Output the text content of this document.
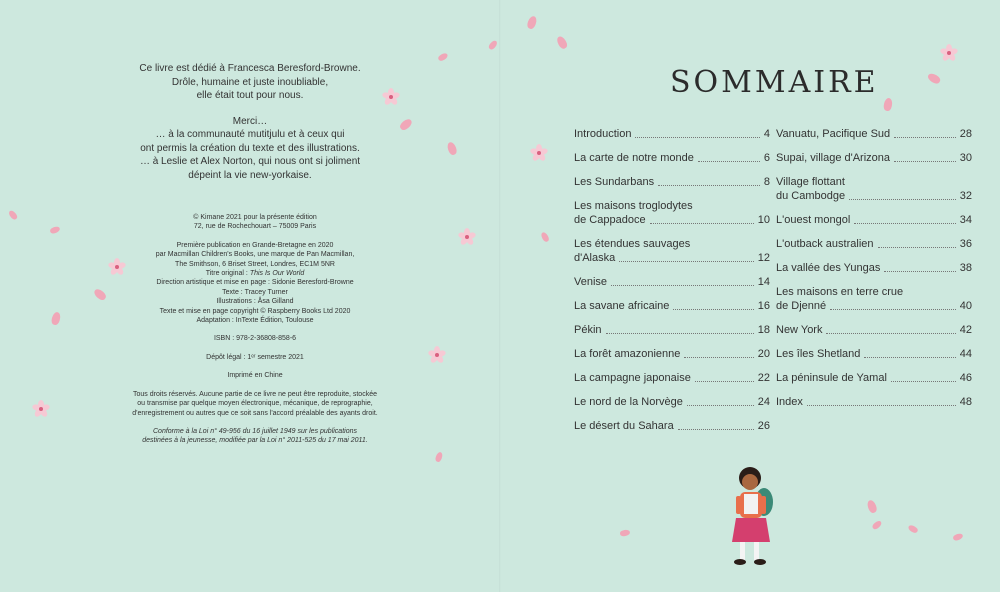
Ce livre est dédié à Francesca Beresford-Browne.

Drôle, humaine et juste inoubliable,

elle était tout pour nous.

Merci…

… à la communauté mutitjulu et à ceux qui

ont permis la création du texte et des illustrations.

… à Leslie et Alex Norton, qui nous ont si joliment

dépeint la vie new-yorkaise.

© Kimane 2021 pour la présente édition

72, rue de Rochechouart – 75009 Paris

Première publication en Grande-Bretagne en 2020

par Macmillan Children's Books, une marque de Pan Macmillan,

The Smithson, 6 Briset Street, Londres, EC1M 5NR

Titre original : This Is Our World

Direction artistique et mise en page : Sidonie Beresford-Browne

Texte : Tracey Turner

Illustrations : Åsa Gilland

Texte et mise en page copyright © Raspberry Books Ltd 2020

Adaptation : InTexte Édition, Toulouse

ISBN : 978-2-36808-858-6

Dépôt légal : 1ᵉʳ semestre 2021

Imprimé en Chine

Tous droits réservés. Aucune partie de ce livre ne peut être reproduite, stockée

ou transmise par quelque moyen électronique, mécanique, de reprographie,

d'enregistrement ou autres que ce soit sans l'accord préalable des ayants droit.

Conforme à la Loi n° 49-956 du 16 juillet 1949 sur les publications

destinées à la jeunesse, modifiée par la Loi n° 2011-525 du 17 mai 2011.

SOMMAIRE
Introduction	4
La carte de notre monde	6
Les Sundarbans	8
Les maisons troglodytes
de Cappadoce	10
Les étendues sauvages
d'Alaska	12
Venise	14
La savane africaine	16
Pékin	18
La forêt amazonienne	20
La campagne japonaise	22
Le nord de la Norvège	24
Le désert du Sahara	26
Vanuatu, Pacifique Sud	28
Supai, village d'Arizona	30
Village flottant
du Cambodge	32
L'ouest mongol	34
L'outback australien	36
La vallée des Yungas	38
Les maisons en terre crue
de Djenné	40
New York	42
Les îles Shetland	44
La péninsule de Yamal	46
Index	48
